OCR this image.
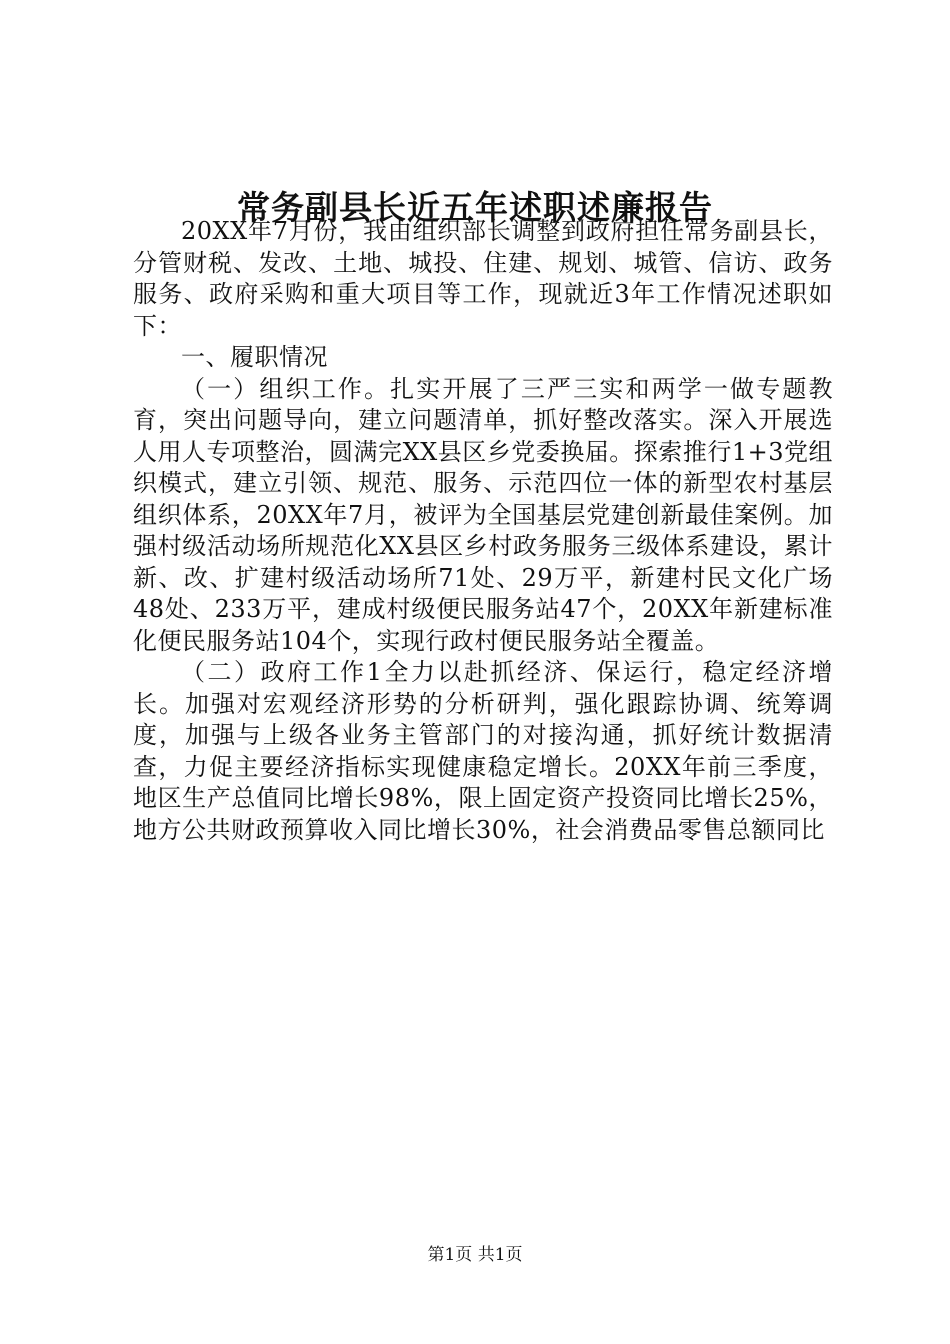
常务副县长近五年述职述廉报告

20XX年7月份，我由组织部长调整到政府担任常务副县长，分管财税、发改、土地、城投、住建、规划、城管、信访、政务服务、政府采购和重大项目等工作，现就近3年工作情况述职如下：

一、履职情况

（一）组织工作。扎实开展了三严三实和两学一做专题教育，突出问题导向，建立问题清单，抓好整改落实。深入开展选人用人专项整治，圆满完XX县区乡党委换届。探索推行1+3党组织模式，建立引领、规范、服务、示范四位一体的新型农村基层组织体系，20XX年7月，被评为全国基层党建创新最佳案例。加强村级活动场所规范化XX县区乡村政务服务三级体系建设，累计新、改、扩建村级活动场所71处、29万平，新建村民文化广场48处、233万平，建成村级便民服务站47个，20XX年新建标准化便民服务站104个，实现行政村便民服务站全覆盖。

（二）政府工作1全力以赴抓经济、保运行，稳定经济增长。加强对宏观经济形势的分析研判，强化跟踪协调、统筹调度，加强与上级各业务主管部门的对接沟通，抓好统计数据清查，力促主要经济指标实现健康稳定增长。20XX年前三季度，地区生产总值同比增长98%，限上固定资产投资同比增长25%，地方公共财政预算收入同比增长30%，社会消费品零售总额同比

第1页 共1页
